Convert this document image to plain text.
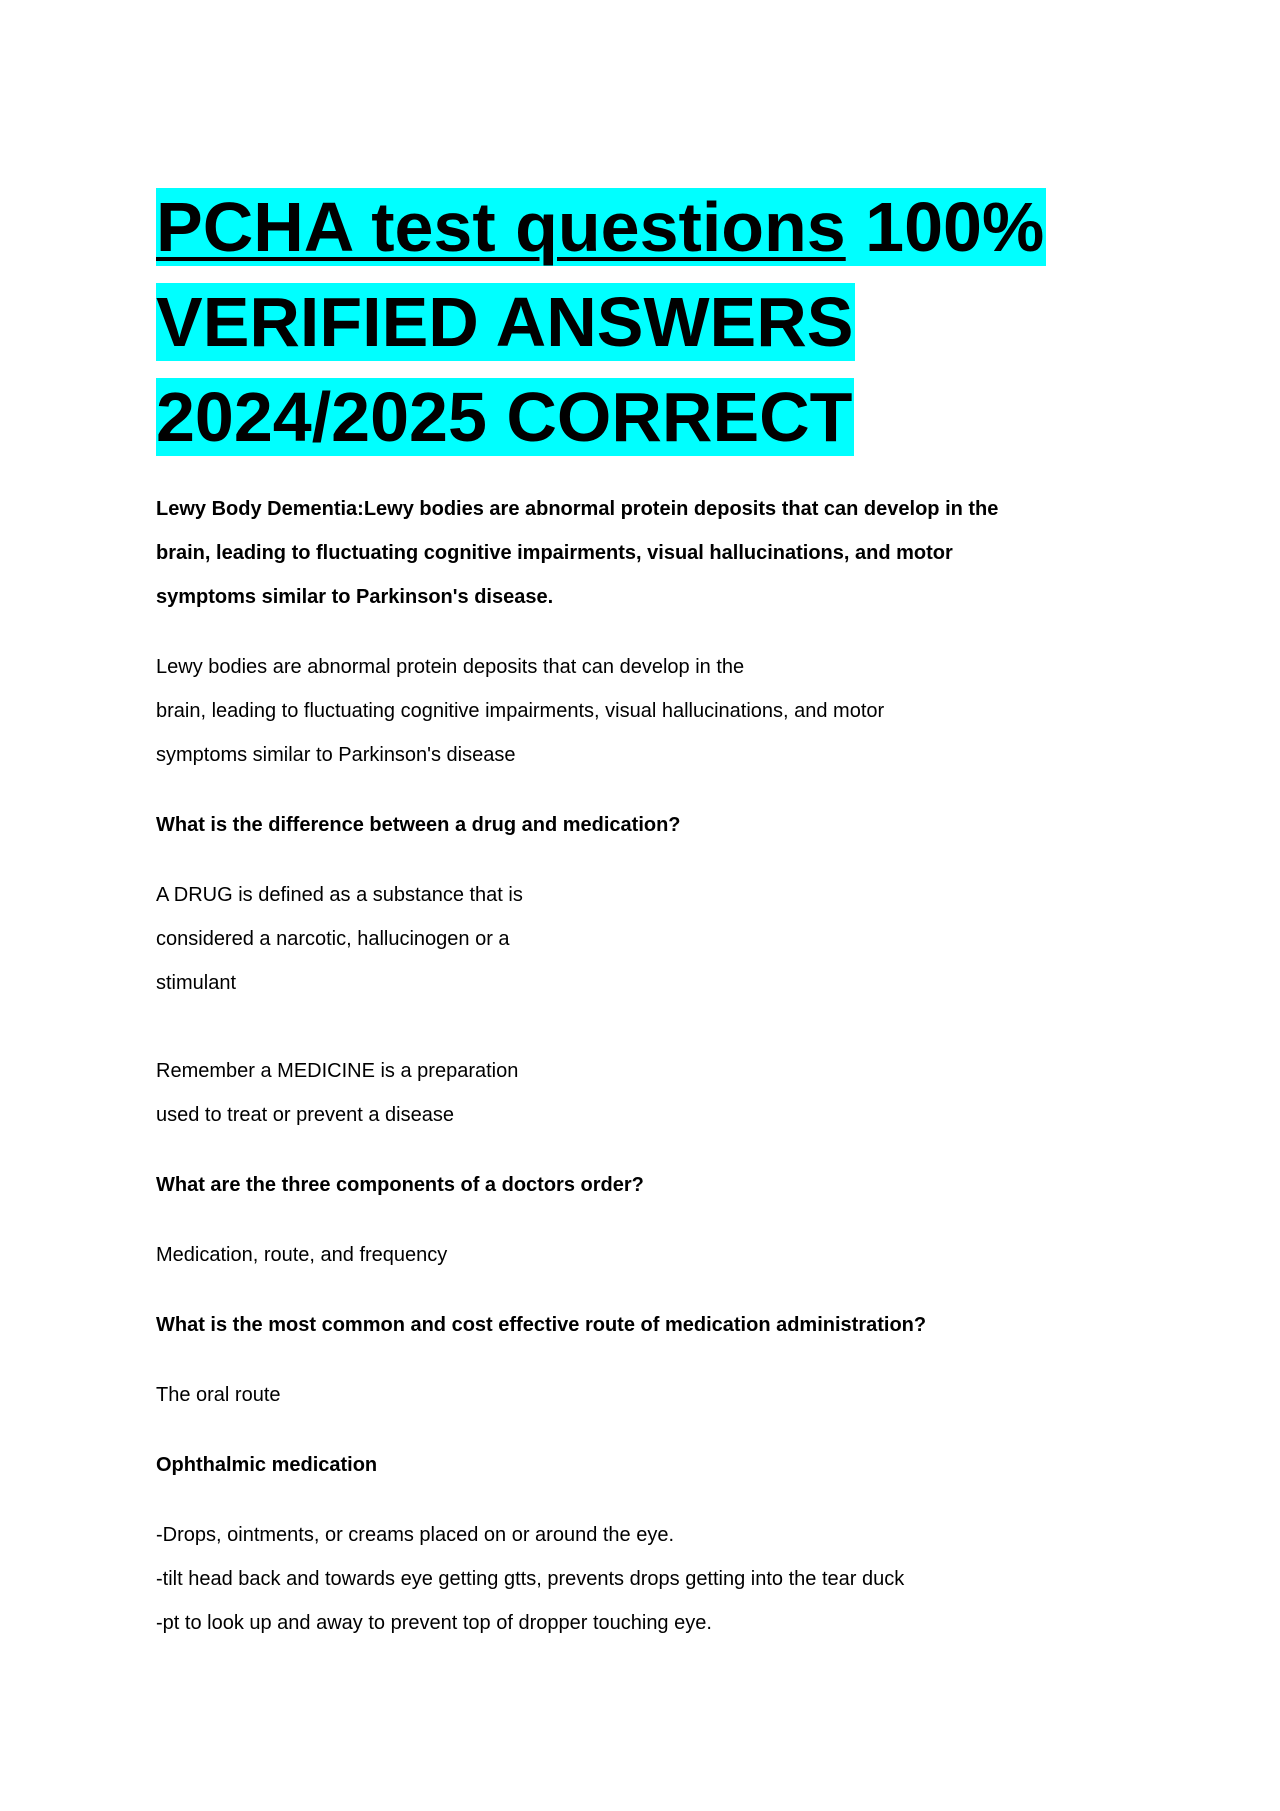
PCHA test questions 100%
VERIFIED ANSWERS
2024/2025 CORRECT
Lewy Body Dementia:Lewy bodies are abnormal protein deposits that can develop in the
brain, leading to fluctuating cognitive impairments, visual hallucinations, and motor
symptoms similar to Parkinson's disease.
Lewy bodies are abnormal protein deposits that can develop in the
brain, leading to fluctuating cognitive impairments, visual hallucinations, and motor
symptoms similar to Parkinson's disease
What is the difference between a drug and medication?
A DRUG is defined as a substance that is
considered a narcotic, hallucinogen or a
stimulant
Remember a MEDICINE is a preparation
used to treat or prevent a disease
What are the three components of a doctors order?
Medication, route, and frequency
What is the most common and cost effective route of medication administration?
The oral route
Ophthalmic medication
-Drops, ointments, or creams placed on or around the eye.
-tilt head back and towards eye getting gtts, prevents drops getting into the tear duck
-pt to look up and away to prevent top of dropper touching eye.
